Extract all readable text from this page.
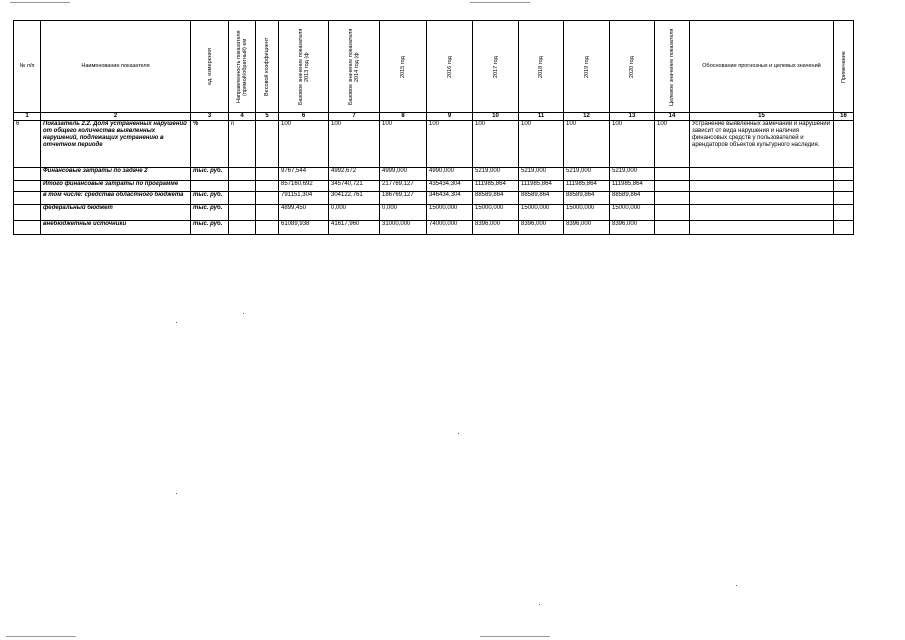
№ п/п	Наименование показателя	ед. измерения	Направленность показателя (прямой/обратный) ем	Весовой коэффициент	Базовое значение показателя 2013 год (ф	Базовое значение показателя 2014 год (ф	2015 год	2016 год	2017 год	2018 год	2019 год	2020 год	Целевое значение показателя	Обоснование прогнозных и целевых значений	Примечание

1	2	3	4	5	6	7	8	9	10	11	12	13	14	15	16
6	Показатель 2.2. Доля устраненных нарушений от общего количества выявленных нарушений, подлежащих устранению в отчетном периоде	%	n		100	100	100	100	100	100	100	100	100	Устранение выявленных замечаний и нарушений зависит от вида нарушения и наличия финансовых средств у пользователей и арендаторов объектов культурного наследия.	
	Финансовые затраты по задаче 2	тыс. руб.			9767,544	4992,672	4999,000	4990,000	5219,000	5219,000	5219,000	5219,000			
	Итого финансовые затраты по программе				857160,692	345740,721	217769,127	435434,304	111985,864	111985,864	111985,864	111985,864			
	в том числе: средства областного бюджета	тыс. руб.			791151,304	304122,761	186769,127	346434,304	88589,864	88589,864	88589,864	88589,864			
	федеральный бюджет	тыс. руб.			4899,450	0,000	0,000	15000,000	15000,000	15000,000	15000,000	15000,000			
	внебюджетные источники	тыс. руб.			61089,938	41617,960	31000,000	74000,000	8396,000	8396,000	8396,000	8396,000			
